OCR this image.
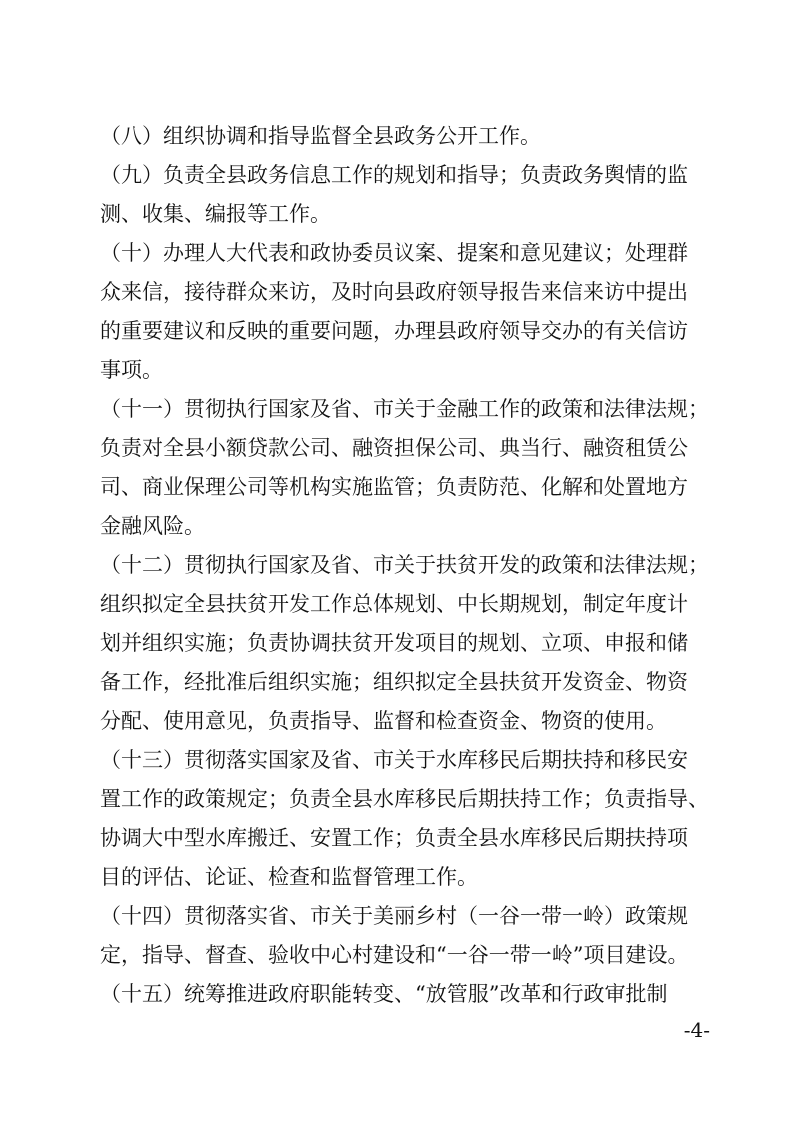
（八）组织协调和指导监督全县政务公开工作。
（九）负责全县政务信息工作的规划和指导；负责政务舆情的监
测、收集、编报等工作。
（十）办理人大代表和政协委员议案、提案和意见建议；处理群
众来信，接待群众来访，及时向县政府领导报告来信来访中提出
的重要建议和反映的重要问题，办理县政府领导交办的有关信访
事项。
（十一）贯彻执行国家及省、市关于金融工作的政策和法律法规；
负责对全县小额贷款公司、融资担保公司、典当行、融资租赁公
司、商业保理公司等机构实施监管；负责防范、化解和处置地方
金融风险。
（十二）贯彻执行国家及省、市关于扶贫开发的政策和法律法规；
组织拟定全县扶贫开发工作总体规划、中长期规划，制定年度计
划并组织实施；负责协调扶贫开发项目的规划、立项、申报和储
备工作，经批准后组织实施；组织拟定全县扶贫开发资金、物资
分配、使用意见，负责指导、监督和检查资金、物资的使用。
（十三）贯彻落实国家及省、市关于水库移民后期扶持和移民安
置工作的政策规定；负责全县水库移民后期扶持工作；负责指导、
协调大中型水库搬迁、安置工作；负责全县水库移民后期扶持项
目的评估、论证、检查和监督管理工作。
（十四）贯彻落实省、市关于美丽乡村（一谷一带一岭）政策规
定，指导、督查、验收中心村建设和“一谷一带一岭”项目建设。
（十五）统筹推进政府职能转变、“放管服”改革和行政审批制
-4-
